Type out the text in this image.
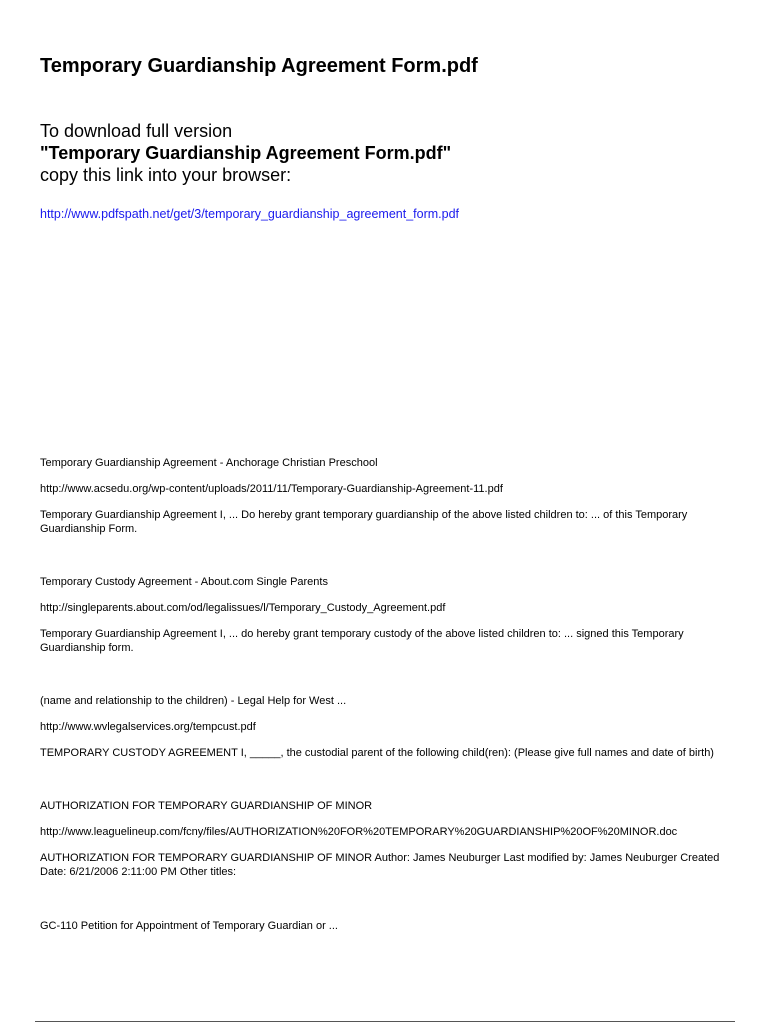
Temporary Guardianship Agreement Form.pdf
To download full version
"Temporary Guardianship Agreement Form.pdf"
copy this link into your browser:
http://www.pdfspath.net/get/3/temporary_guardianship_agreement_form.pdf

Temporary Guardianship Agreement - Anchorage Christian Preschool

http://www.acsedu.org/wp-content/uploads/2011/11/Temporary-Guardianship-Agreement-11.pdf

Temporary Guardianship Agreement I, ... Do hereby grant temporary guardianship of the above listed children to: ... of this Temporary Guardianship Form.

Temporary Custody Agreement - About.com Single Parents

http://singleparents.about.com/od/legalissues/l/Temporary_Custody_Agreement.pdf

Temporary Guardianship Agreement I, ... do hereby grant temporary custody of the above listed children to: ... signed this Temporary Guardianship form.

(name and relationship to the children) - Legal Help for West ...

http://www.wvlegalservices.org/tempcust.pdf

TEMPORARY CUSTODY AGREEMENT I, _____, the custodial parent of the following child(ren): (Please give full names and date of birth)

AUTHORIZATION FOR TEMPORARY GUARDIANSHIP OF MINOR

http://www.leaguelineup.com/fcny/files/AUTHORIZATION%20FOR%20TEMPORARY%20GUARDIANSHIP%20OF%20MINOR.doc

AUTHORIZATION FOR TEMPORARY GUARDIANSHIP OF MINOR Author: James Neuburger Last modified by: James Neuburger Created Date: 6/21/2006 2:11:00 PM Other titles:

GC-110 Petition for Appointment of Temporary Guardian or ...
